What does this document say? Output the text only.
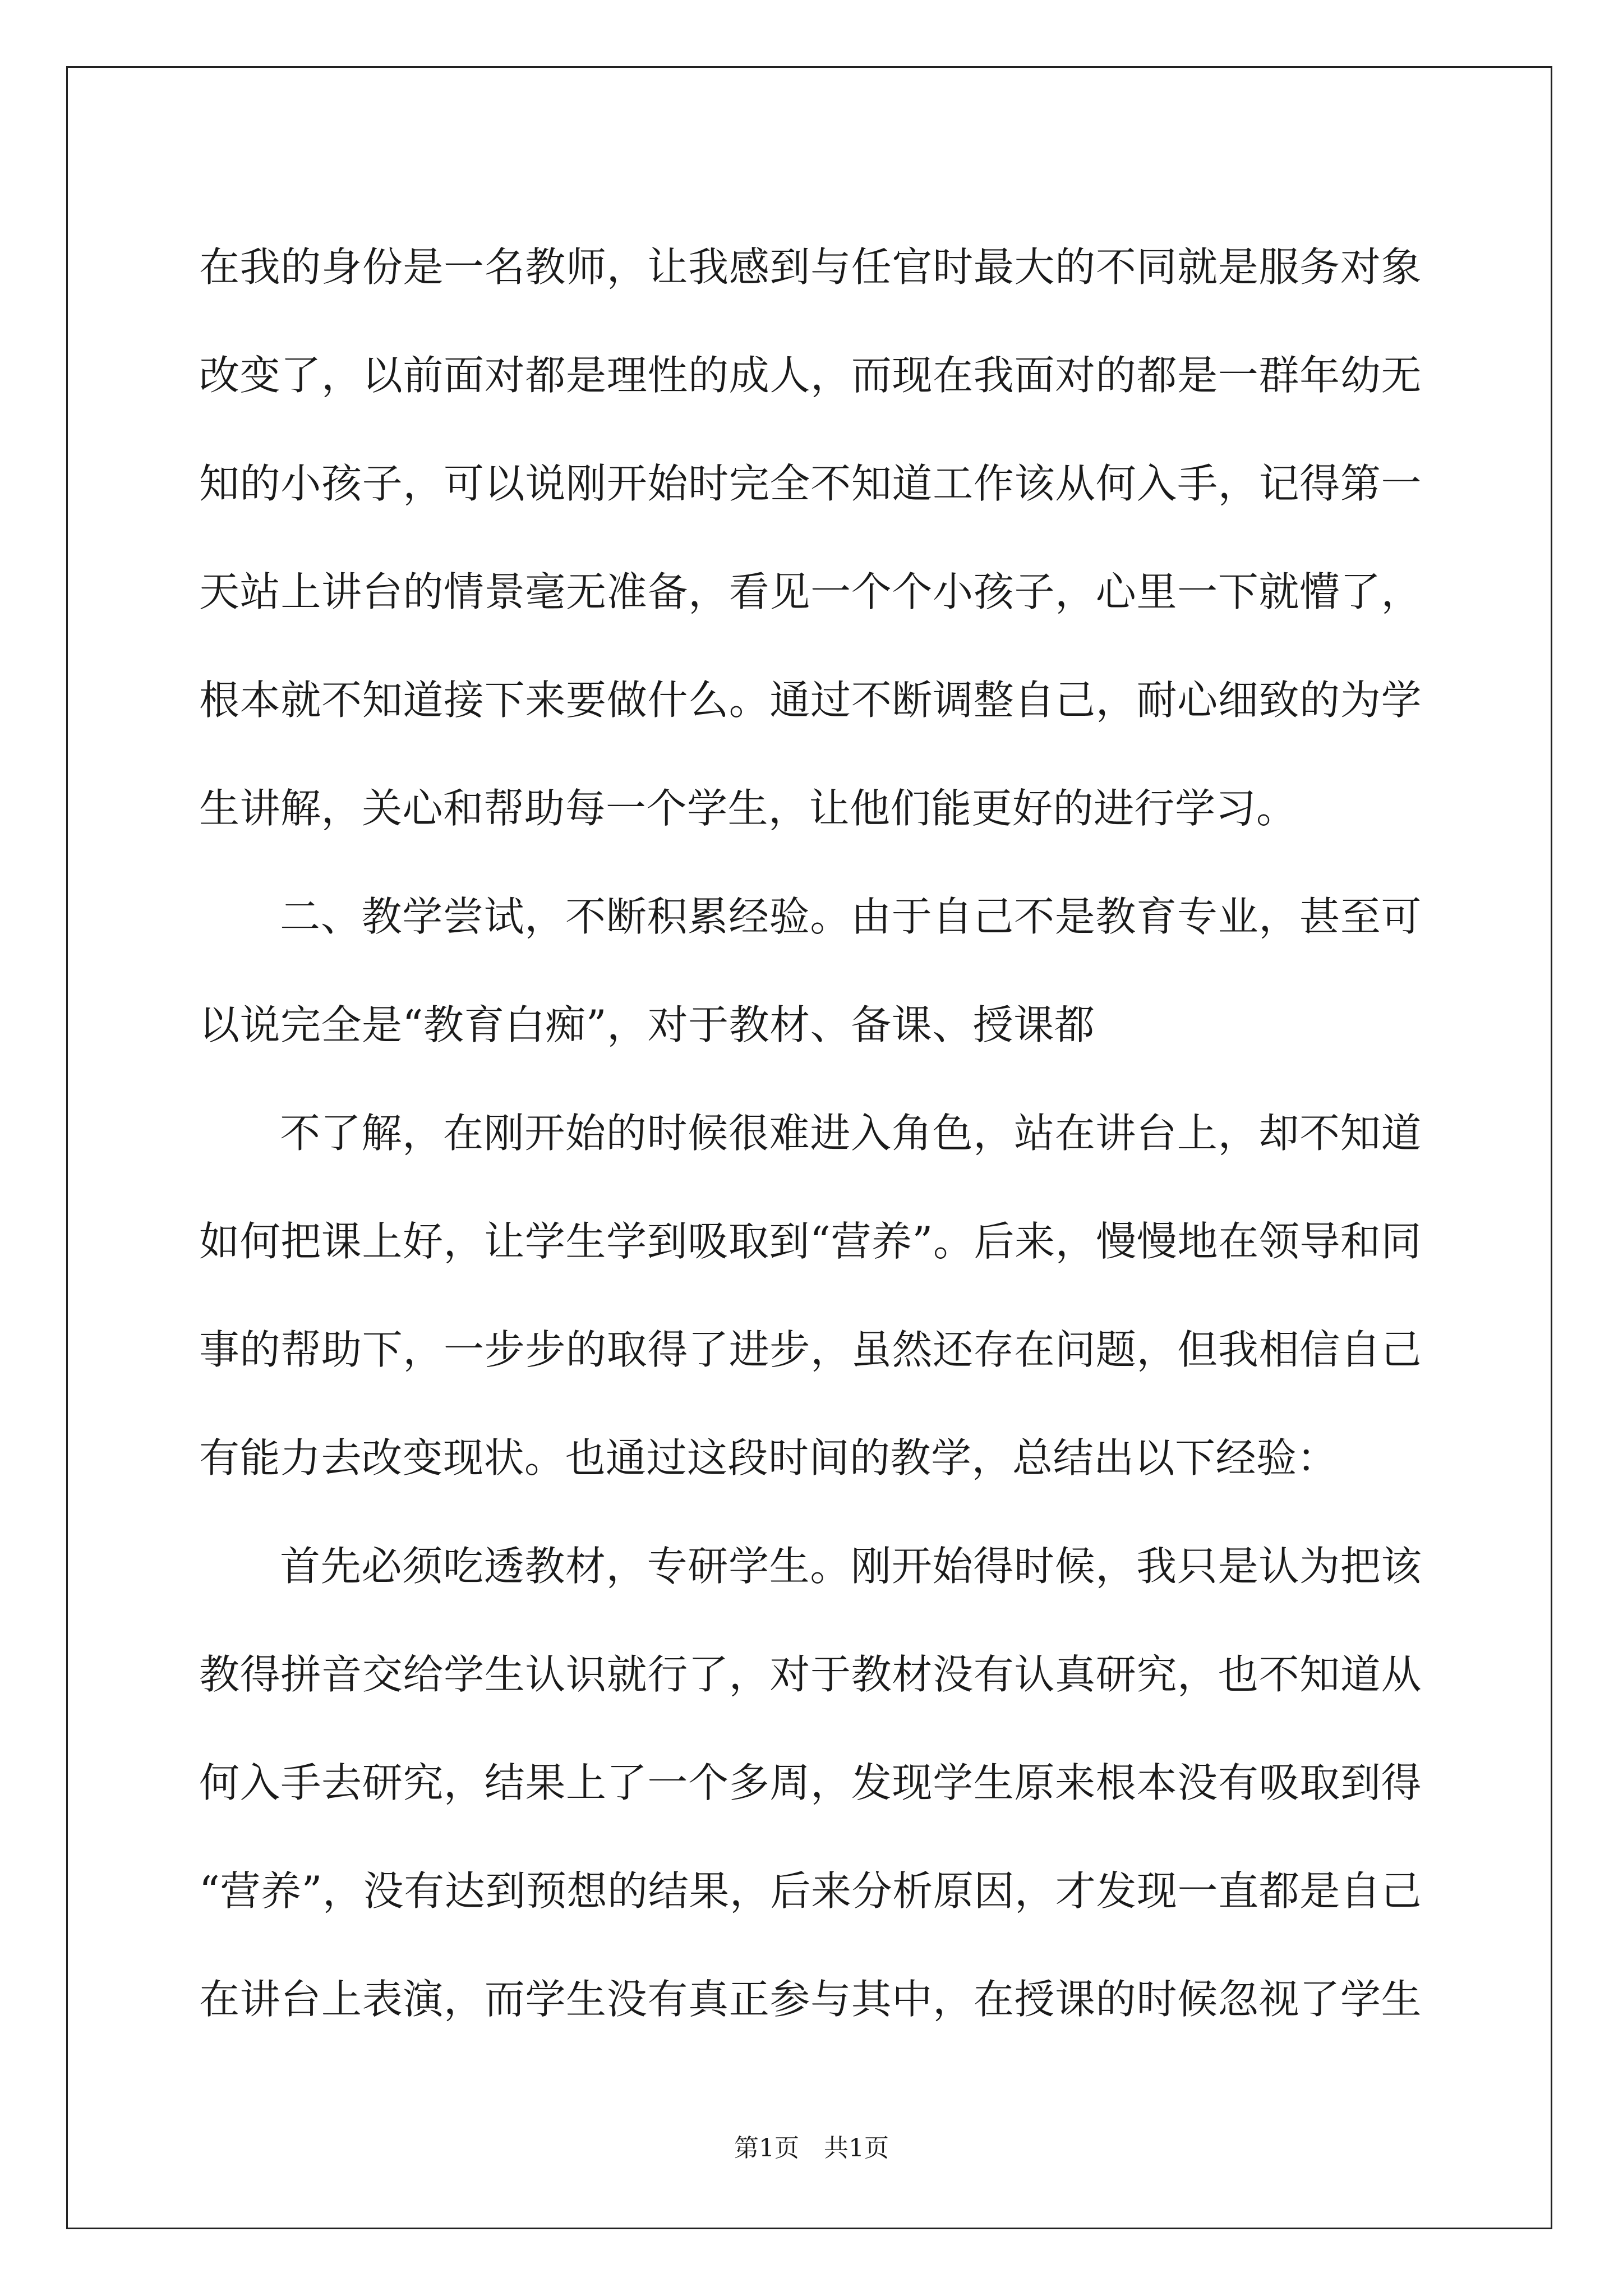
在我的身份是一名教师，让我感到与任官时最大的不同就是服务对象
改变了，以前面对都是理性的成人，而现在我面对的都是一群年幼无
知的小孩子，可以说刚开始时完全不知道工作该从何入手，记得第一
天站上讲台的情景毫无准备，看见一个个小孩子，心里一下就懵了，
根本就不知道接下来要做什么。通过不断调整自己，耐心细致的为学
生讲解，关心和帮助每一个学生，让他们能更好的进行学习。
二、教学尝试，不断积累经验。由于自己不是教育专业，甚至可
以说完全是“教育白痴”，对于教材、备课、授课都
不了解，在刚开始的时候很难进入角色，站在讲台上，却不知道
如何把课上好，让学生学到吸取到“营养”。后来，慢慢地在领导和同
事的帮助下，一步步的取得了进步，虽然还存在问题，但我相信自己
有能力去改变现状。也通过这段时间的教学，总结出以下经验：
首先必须吃透教材，专研学生。刚开始得时候，我只是认为把该
教得拼音交给学生认识就行了，对于教材没有认真研究，也不知道从
何入手去研究，结果上了一个多周，发现学生原来根本没有吸取到得
“营养”，没有达到预想的结果，后来分析原因，才发现一直都是自己
在讲台上表演，而学生没有真正参与其中，在授课的时候忽视了学生
第1页　共1页
